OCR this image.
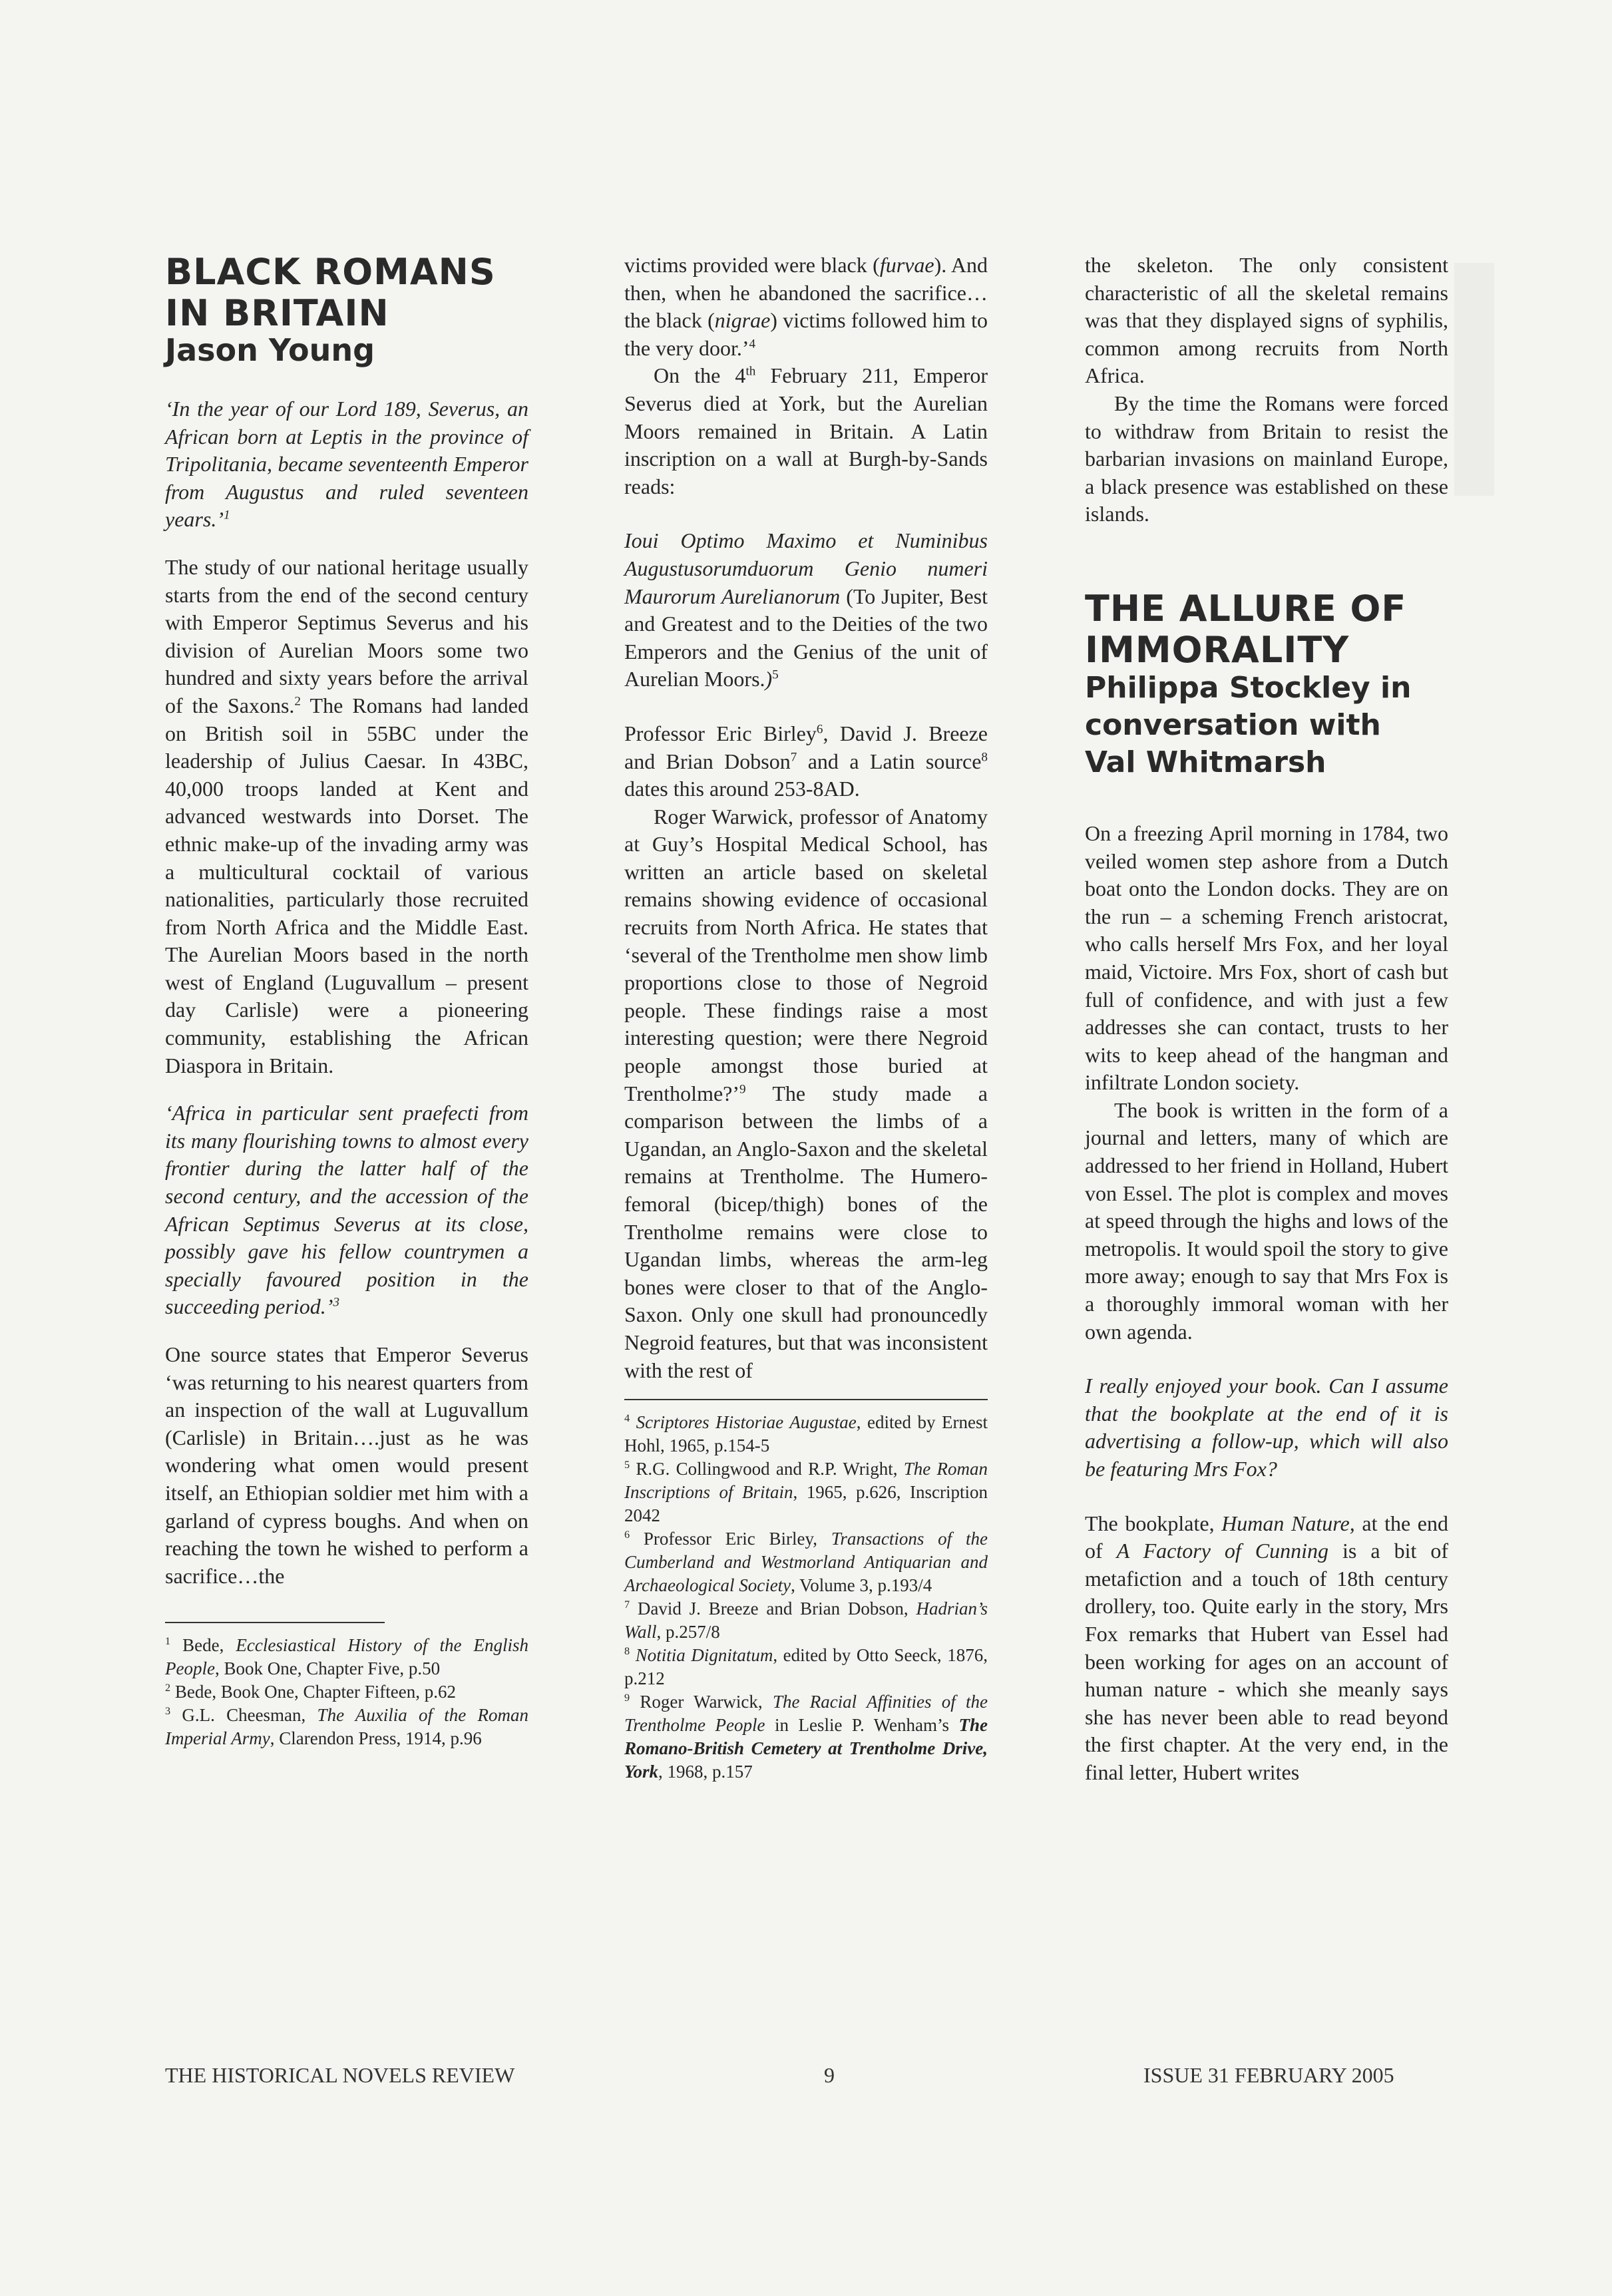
BLACK ROMANS
IN BRITAIN
Jason Young

‘In the year of our Lord 189, Severus, an African born at Leptis in the province of Tripolitania, became seventeenth Emperor from Augustus and ruled seventeen years.’$^1$

The study of our national heritage usually starts from the end of the second century with Emperor Septimus Severus and his division of Aurelian Moors some two hundred and sixty years before the arrival of the Saxons.$^2$ The Romans had landed on British soil in 55BC under the leadership of Julius Caesar. In 43BC, 40,000 troops landed at Kent and advanced westwards into Dorset. The ethnic make-up of the invading army was a multicultural cocktail of various nationalities, particularly those recruited from North Africa and the Middle East. The Aurelian Moors based in the north west of England (Luguvallum – present day Carlisle) were a pioneering community, establishing the African Diaspora in Britain.

‘Africa in particular sent praefecti from its many flourishing towns to almost every frontier during the latter half of the second century, and the accession of the African Septimus Severus at its close, possibly gave his fellow countrymen a specially favoured position in the succeeding period.’$^3$

One source states that Emperor Severus ‘was returning to his nearest quarters from an inspection of the wall at Luguvallum (Carlisle) in Britain….just as he was wondering what omen would present itself, an Ethiopian soldier met him with a garland of cypress boughs. And when on reaching the town he wished to perform a sacrifice…the

$^1$ Bede, Ecclesiastical History of the English People, Book One, Chapter Five, p.50

$^2$ Bede, Book One, Chapter Fifteen, p.62

$^3$ G.L. Cheesman, The Auxilia of the Roman Imperial Army, Clarendon Press, 1914, p.96

victims provided were black (furvae). And then, when he abandoned the sacrifice…the black (nigrae) victims followed him to the very door.’$^4$

On the 4th February 211, Emperor Severus died at York, but the Aurelian Moors remained in Britain. A Latin inscription on a wall at Burgh-by-Sands reads:

Ioui Optimo Maximo et Numinibus Augustusorumduorum Genio numeri Maurorum Aurelianorum (To Jupiter, Best and Greatest and to the Deities of the two Emperors and the Genius of the unit of Aurelian Moors.)$^5$

Professor Eric Birley$^6$, David J. Breeze and Brian Dobson$^7$ and a Latin source$^8$ dates this around 253-8AD.

Roger Warwick, professor of Anatomy at Guy’s Hospital Medical School, has written an article based on skeletal remains showing evidence of occasional recruits from North Africa. He states that ‘several of the Trentholme men show limb proportions close to those of Negroid people. These findings raise a most interesting question; were there Negroid people amongst those buried at Trentholme?’$^9$ The study made a comparison between the limbs of a Ugandan, an Anglo-Saxon and the skeletal remains at Trentholme. The Humero-femoral (bicep/thigh) bones of the Trentholme remains were close to Ugandan limbs, whereas the arm-leg bones were closer to that of the Anglo-Saxon. Only one skull had pronouncedly Negroid features, but that was inconsistent with the rest of

$^4$ Scriptores Historiae Augustae, edited by Ernest Hohl, 1965, p.154-5

$^5$ R.G. Collingwood and R.P. Wright, The Roman Inscriptions of Britain, 1965, p.626, Inscription 2042

$^6$ Professor Eric Birley, Transactions of the Cumberland and Westmorland Antiquarian and Archaeological Society, Volume 3, p.193/4

$^7$ David J. Breeze and Brian Dobson, Hadrian’s Wall, p.257/8

$^8$ Notitia Dignitatum, edited by Otto Seeck, 1876, p.212

$^9$ Roger Warwick, The Racial Affinities of the Trentholme People in Leslie P. Wenham’s The Romano-British Cemetery at Trentholme Drive, York, 1968, p.157

the skeleton. The only consistent characteristic of all the skeletal remains was that they displayed signs of syphilis, common among recruits from North Africa.

By the time the Romans were forced to withdraw from Britain to resist the barbarian invasions on mainland Europe, a black presence was established on these islands.

THE ALLURE OF
IMMORALITY
Philippa Stockley in
conversation with
Val Whitmarsh

On a freezing April morning in 1784, two veiled women step ashore from a Dutch boat onto the London docks. They are on the run – a scheming French aristocrat, who calls herself Mrs Fox, and her loyal maid, Victoire. Mrs Fox, short of cash but full of confidence, and with just a few addresses she can contact, trusts to her wits to keep ahead of the hangman and infiltrate London society.

The book is written in the form of a journal and letters, many of which are addressed to her friend in Holland, Hubert von Essel. The plot is complex and moves at speed through the highs and lows of the metropolis. It would spoil the story to give more away; enough to say that Mrs Fox is a thoroughly immoral woman with her own agenda.

I really enjoyed your book. Can I assume that the bookplate at the end of it is advertising a follow-up, which will also be featuring Mrs Fox?

The bookplate, Human Nature, at the end of A Factory of Cunning is a bit of metafiction and a touch of 18th century drollery, too. Quite early in the story, Mrs Fox remarks that Hubert van Essel had been working for ages on an account of human nature - which she meanly says she has never been able to read beyond the first chapter. At the very end, in the final letter, Hubert writes

THE HISTORICAL NOVELS REVIEW	9	ISSUE 31 FEBRUARY 2005
